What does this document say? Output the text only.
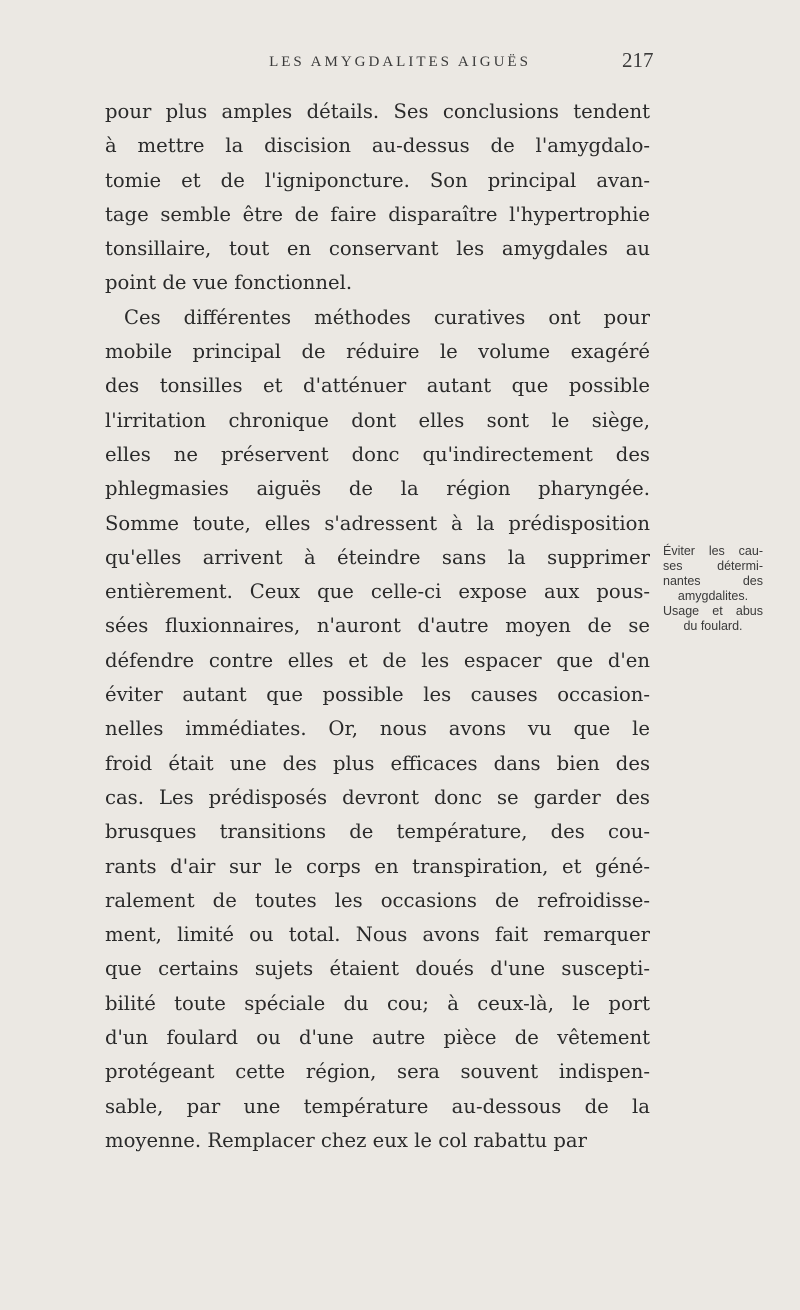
LES AMYGDALITES AIGUËS	217
pour plus amples détails. Ses conclusions tendent
à mettre la discision au-dessus de l'amygdalo-
tomie et de l'igniponcture. Son principal avan-
tage semble être de faire disparaître l'hypertrophie
tonsillaire, tout en conservant les amygdales au
point de vue fonctionnel.
Ces différentes méthodes curatives ont pour
mobile principal de réduire le volume exagéré
des tonsilles et d'atténuer autant que possible
l'irritation chronique dont elles sont le siège,
elles ne préservent donc qu'indirectement des
phlegmasies aiguës de la région pharyngée.
Somme toute, elles s'adressent à la prédisposition
qu'elles arrivent à éteindre sans la supprimer
entièrement. Ceux que celle-ci expose aux pous-
sées fluxionnaires, n'auront d'autre moyen de se
défendre contre elles et de les espacer que d'en
éviter autant que possible les causes occasion-
nelles immédiates. Or, nous avons vu que le
froid était une des plus efficaces dans bien des
cas. Les prédisposés devront donc se garder des
brusques transitions de température, des cou-
rants d'air sur le corps en transpiration, et géné-
ralement de toutes les occasions de refroidisse-
ment, limité ou total. Nous avons fait remarquer
que certains sujets étaient doués d'une suscepti-
bilité toute spéciale du cou; à ceux-là, le port
d'un foulard ou d'une autre pièce de vêtement
protégeant cette région, sera souvent indispen-
sable, par une température au-dessous de la
moyenne. Remplacer chez eux le col rabattu par
Éviter les cau-
ses détermi-
nantes des
amygdalites.
Usage et abus
du foulard.
